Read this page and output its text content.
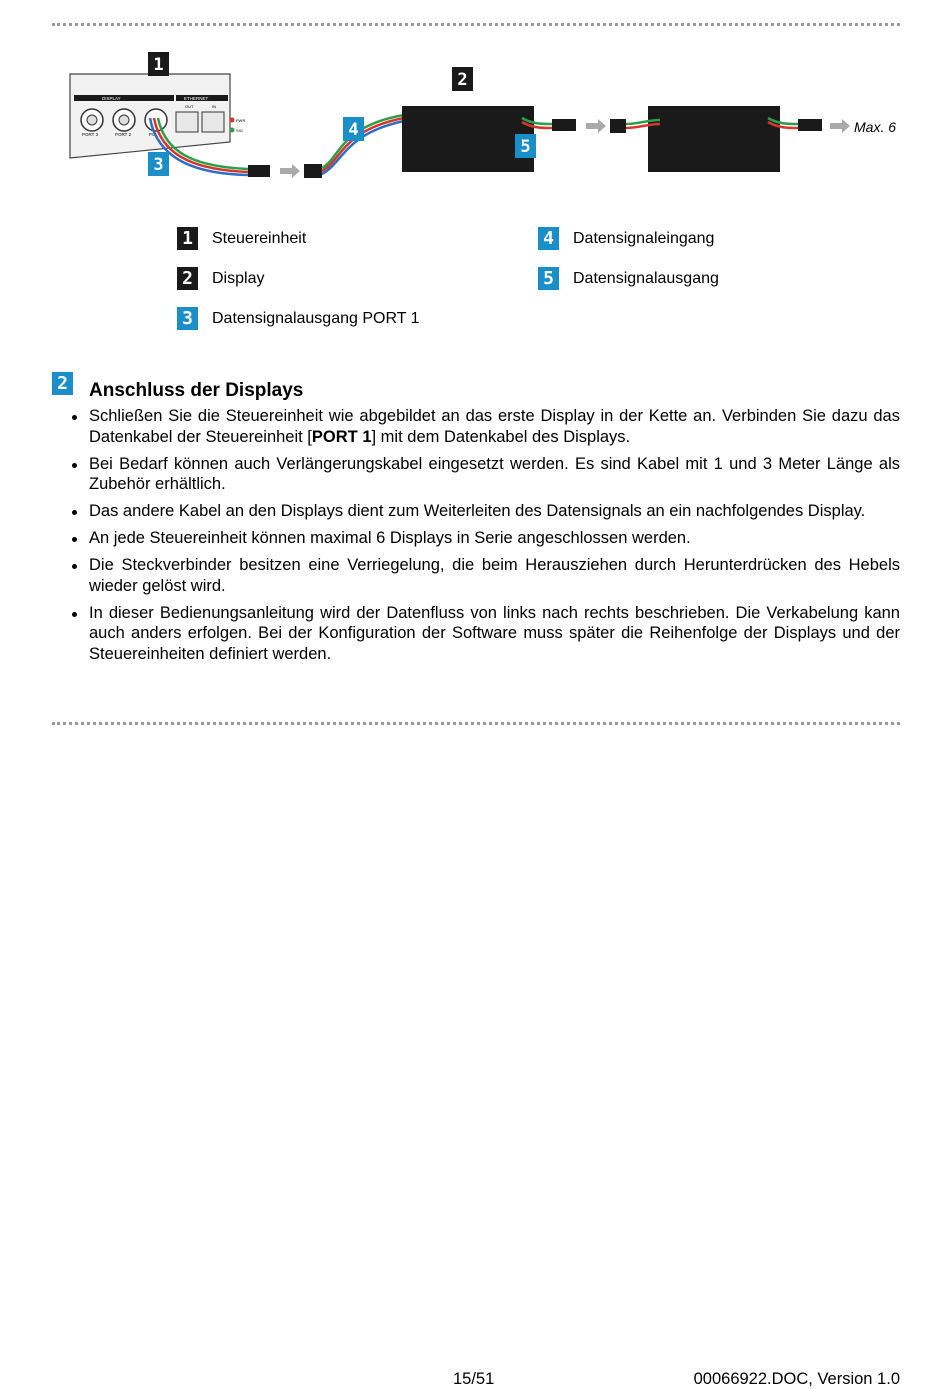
DISPLAY	ETHERNET
PORT 3	PORT 2	PO
OUT	IN
PWR
SIG	Max. 6
1
2
3
4
5
1	Steuereinheit
2	Display
3	Datensignalausgang PORT 1
4	Datensignaleingang
5	Datensignalausgang
2 Anschluss der Displays
Schließen Sie die Steuereinheit wie abgebildet an das erste Display in der Kette an. Verbinden Sie dazu das Datenkabel der Steuereinheit [PORT 1] mit dem Datenkabel des Displays.
Bei Bedarf können auch Verlängerungskabel eingesetzt werden. Es sind Kabel mit 1 und 3 Meter Länge als Zubehör erhältlich.
Das andere Kabel an den Displays dient zum Weiterleiten des Datensignals an ein nachfolgendes Display.
An jede Steuereinheit können maximal 6 Displays in Serie angeschlossen werden.
Die Steckverbinder besitzen eine Verriegelung, die beim Herausziehen durch Herunterdrücken des Hebels wieder gelöst wird.
In dieser Bedienungsanleitung wird der Datenfluss von links nach rechts beschrieben. Die Verkabelung kann auch anders erfolgen. Bei der Konfiguration der Software muss später die Reihenfolge der Displays und der Steuereinheiten definiert werden.
15/51	00066922.DOC, Version 1.0
